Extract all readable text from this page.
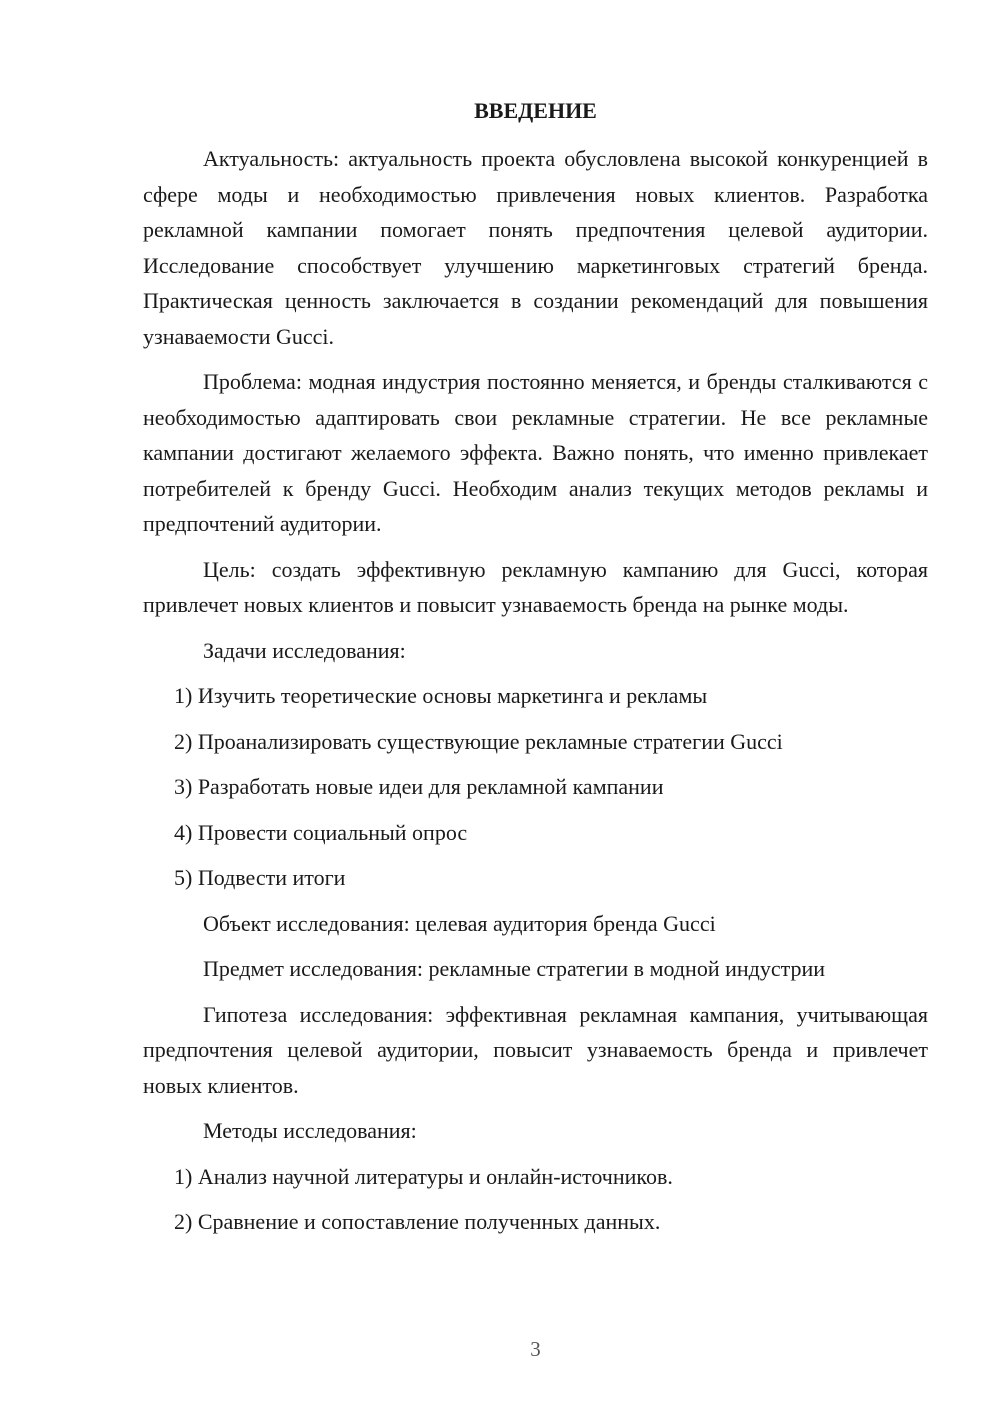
ВВЕДЕНИЕ

Актуальность: актуальность проекта обусловлена высокой конкуренцией в сфере моды и необходимостью привлечения новых клиентов. Разработка рекламной кампании помогает понять предпочтения целевой аудитории. Исследование способствует улучшению маркетинговых стратегий бренда. Практическая ценность заключается в создании рекомендаций для повышения узнаваемости Gucci.

Проблема: модная индустрия постоянно меняется, и бренды сталкиваются с необходимостью адаптировать свои рекламные стратегии. Не все рекламные кампании достигают желаемого эффекта. Важно понять, что именно привлекает потребителей к бренду Gucci. Необходим анализ текущих методов рекламы и предпочтений аудитории.

Цель: создать эффективную рекламную кампанию для Gucci, которая привлечет новых клиентов и повысит узнаваемость бренда на рынке моды.

Задачи исследования:

1) Изучить теоретические основы маркетинга и рекламы

2) Проанализировать существующие рекламные стратегии Gucci

3) Разработать новые идеи для рекламной кампании

4) Провести социальный опрос

5) Подвести итоги

Объект исследования: целевая аудитория бренда Gucci

Предмет исследования: рекламные стратегии в модной индустрии

Гипотеза исследования: эффективная рекламная кампания, учитывающая предпочтения целевой аудитории, повысит узнаваемость бренда и привлечет новых клиентов.

Методы исследования:

1) Анализ научной литературы и онлайн-источников.

2) Сравнение и сопоставление полученных данных.

3
